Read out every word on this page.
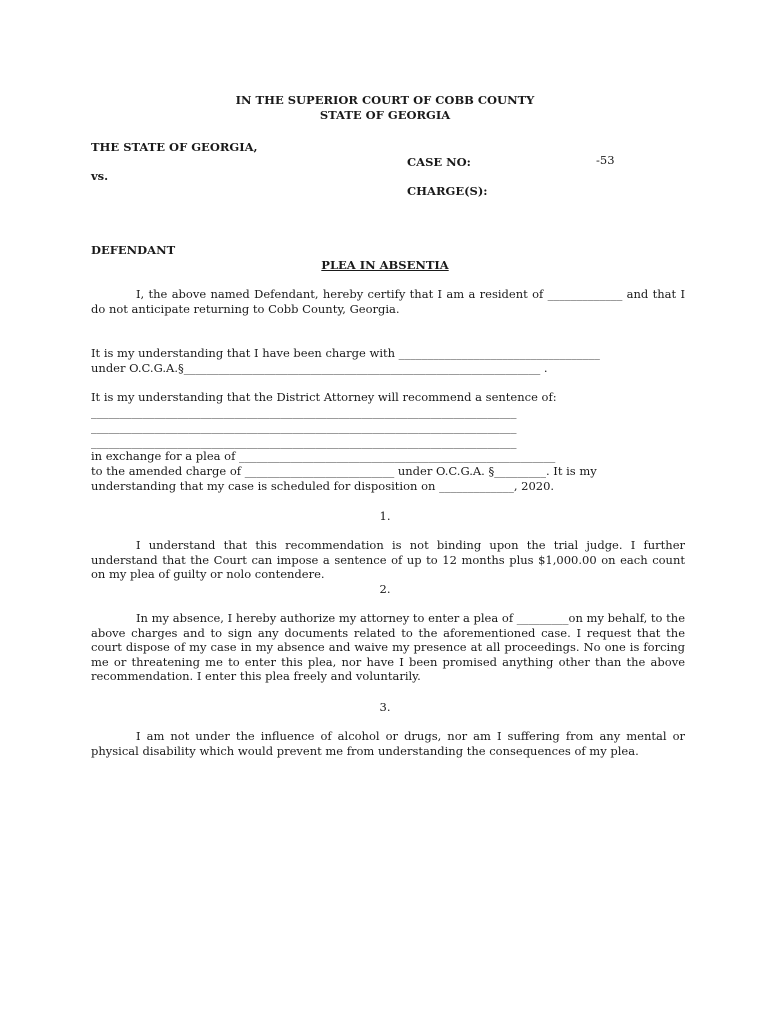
IN THE SUPERIOR COURT OF COBB COUNTY
STATE OF GEORGIA
THE STATE OF GEORGIA,
vs.
CASE NO:	-53
CHARGE(S):
DEFENDANT
PLEA IN ABSENTIA
I, the above named Defendant, hereby certify that I am a resident of _____________ and that I do not anticipate returning to Cobb County, Georgia.
It is my understanding that I have been charge with ___________________________________
under O.C.G.A.§______________________________________________________________ .
It is my understanding that the District Attorney will recommend a sentence of:
__________________________________________________________________________
__________________________________________________________________________
__________________________________________________________________________
in exchange for a plea of _______________________________________________________
to the amended charge of __________________________ under O.C.G.A. §_________. It is my
understanding that my case is scheduled for disposition on _____________, 2020.
1.
I understand that this recommendation is not binding upon the trial judge. I further understand that the Court can impose a sentence of up to 12 months plus $1,000.00 on each count on my plea of guilty or nolo contendere.
2.
In my absence, I hereby authorize my attorney to enter a plea of _________on my behalf, to the above charges and to sign any documents related to the aforementioned case. I request that the court dispose of my case in my absence and waive my presence at all proceedings. No one is forcing me or threatening me to enter this plea, nor have I been promised anything other than the above recommendation. I enter this plea freely and voluntarily.
3.
I am not under the influence of alcohol or drugs, nor am I suffering from any mental or physical disability which would prevent me from understanding the consequences of my plea.
